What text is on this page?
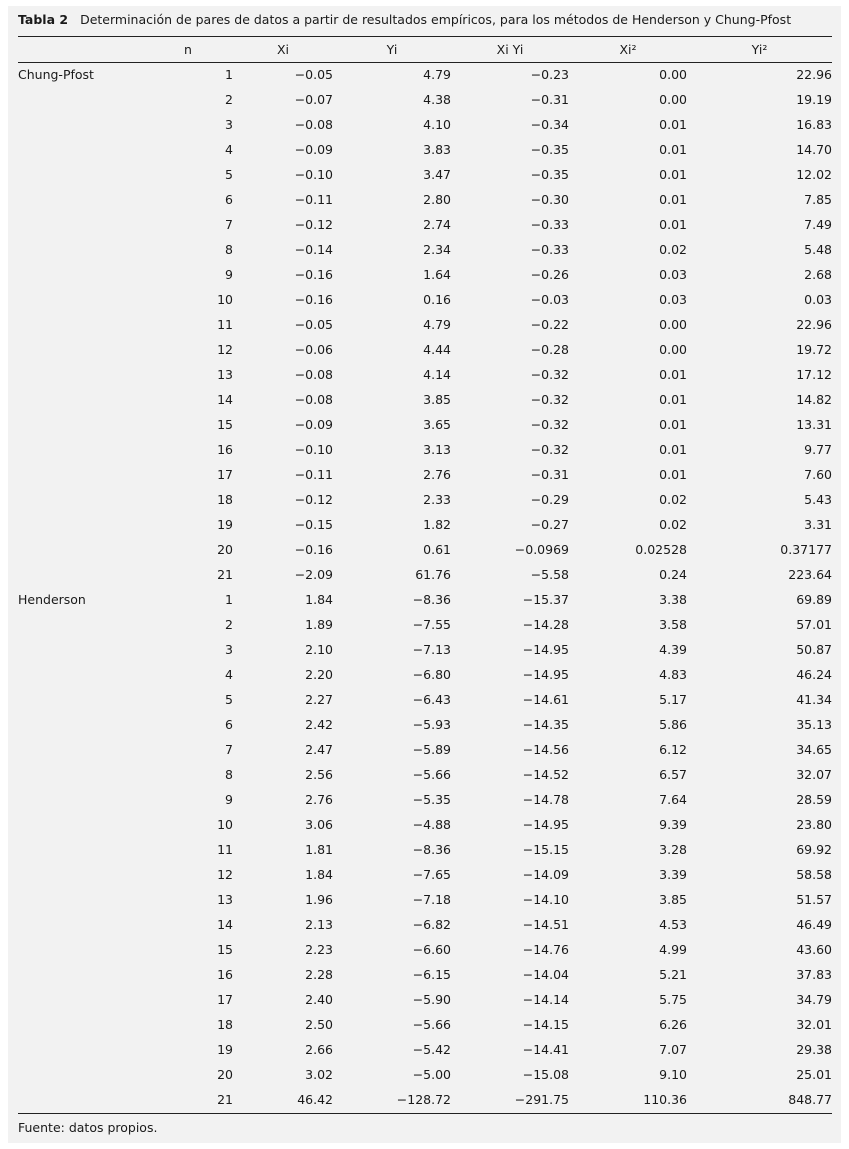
Tabla 2 Determinación de pares de datos a partir de resultados empíricos, para los métodos de Henderson y Chung-Pfost
	n	Xi	Yi	Xi Yi	Xi²	Yi²
Chung-Pfost	1	−0.05	4.79	−0.23	0.00	22.96
	2	−0.07	4.38	−0.31	0.00	19.19
	3	−0.08	4.10	−0.34	0.01	16.83
	4	−0.09	3.83	−0.35	0.01	14.70
	5	−0.10	3.47	−0.35	0.01	12.02
	6	−0.11	2.80	−0.30	0.01	7.85
	7	−0.12	2.74	−0.33	0.01	7.49
	8	−0.14	2.34	−0.33	0.02	5.48
	9	−0.16	1.64	−0.26	0.03	2.68
	10	−0.16	0.16	−0.03	0.03	0.03
	11	−0.05	4.79	−0.22	0.00	22.96
	12	−0.06	4.44	−0.28	0.00	19.72
	13	−0.08	4.14	−0.32	0.01	17.12
	14	−0.08	3.85	−0.32	0.01	14.82
	15	−0.09	3.65	−0.32	0.01	13.31
	16	−0.10	3.13	−0.32	0.01	9.77
	17	−0.11	2.76	−0.31	0.01	7.60
	18	−0.12	2.33	−0.29	0.02	5.43
	19	−0.15	1.82	−0.27	0.02	3.31
	20	−0.16	0.61	−0.0969	0.02528	0.37177
	21	−2.09	61.76	−5.58	0.24	223.64
Henderson	1	1.84	−8.36	−15.37	3.38	69.89
	2	1.89	−7.55	−14.28	3.58	57.01
	3	2.10	−7.13	−14.95	4.39	50.87
	4	2.20	−6.80	−14.95	4.83	46.24
	5	2.27	−6.43	−14.61	5.17	41.34
	6	2.42	−5.93	−14.35	5.86	35.13
	7	2.47	−5.89	−14.56	6.12	34.65
	8	2.56	−5.66	−14.52	6.57	32.07
	9	2.76	−5.35	−14.78	7.64	28.59
	10	3.06	−4.88	−14.95	9.39	23.80
	11	1.81	−8.36	−15.15	3.28	69.92
	12	1.84	−7.65	−14.09	3.39	58.58
	13	1.96	−7.18	−14.10	3.85	51.57
	14	2.13	−6.82	−14.51	4.53	46.49
	15	2.23	−6.60	−14.76	4.99	43.60
	16	2.28	−6.15	−14.04	5.21	37.83
	17	2.40	−5.90	−14.14	5.75	34.79
	18	2.50	−5.66	−14.15	6.26	32.01
	19	2.66	−5.42	−14.41	7.07	29.38
	20	3.02	−5.00	−15.08	9.10	25.01
	21	46.42	−128.72	−291.75	110.36	848.77
Fuente: datos propios.
